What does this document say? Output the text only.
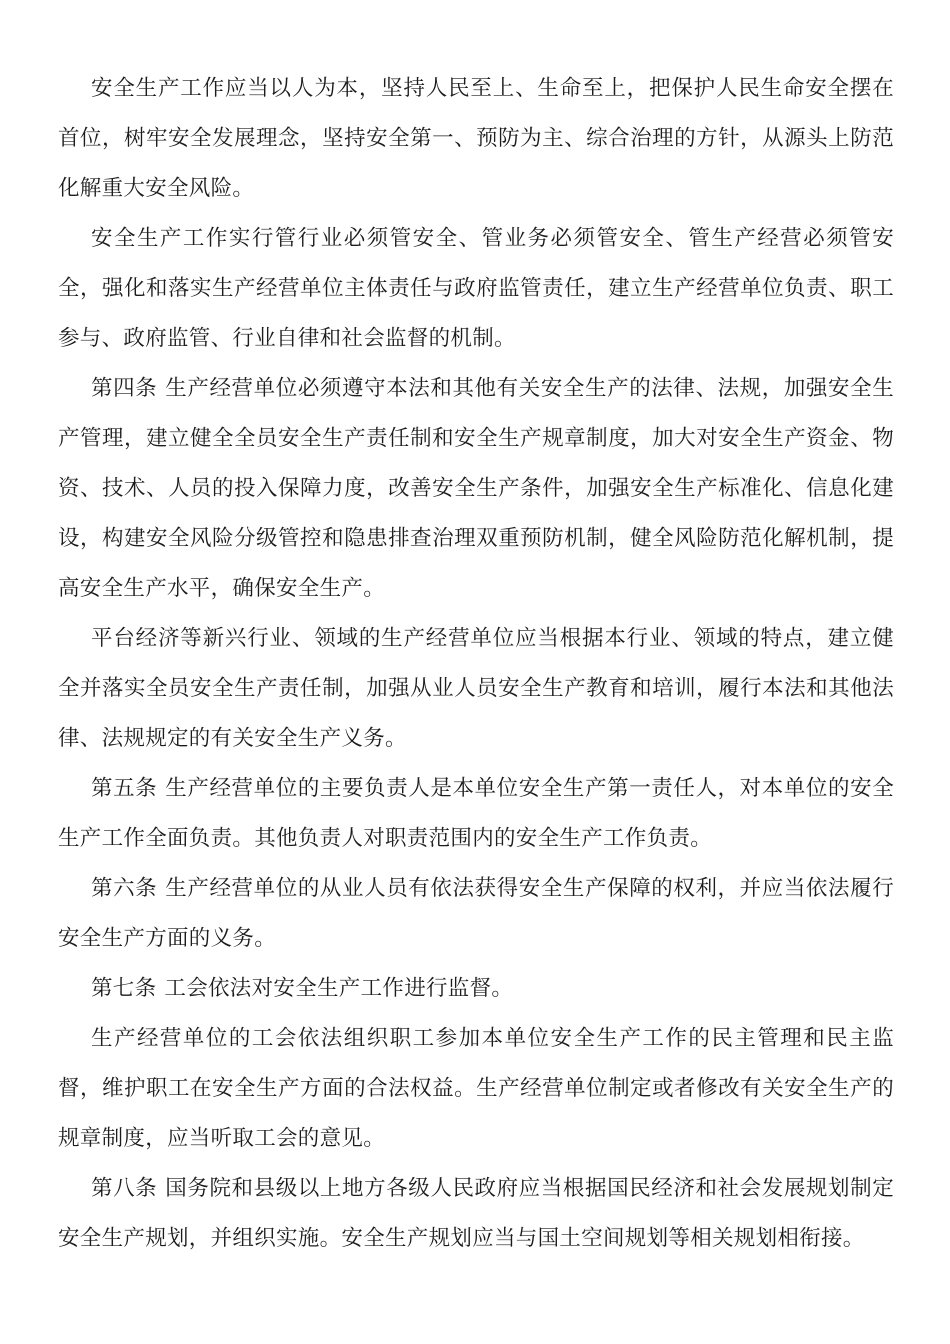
安全生产工作应当以人为本，坚持人民至上、生命至上，把保护人民生命安全摆在首位，树牢安全发展理念，坚持安全第一、预防为主、综合治理的方针，从源头上防范化解重大安全风险。

安全生产工作实行管行业必须管安全、管业务必须管安全、管生产经营必须管安全，强化和落实生产经营单位主体责任与政府监管责任，建立生产经营单位负责、职工参与、政府监管、行业自律和社会监督的机制。

第四条 生产经营单位必须遵守本法和其他有关安全生产的法律、法规，加强安全生产管理，建立健全全员安全生产责任制和安全生产规章制度，加大对安全生产资金、物资、技术、人员的投入保障力度，改善安全生产条件，加强安全生产标准化、信息化建设，构建安全风险分级管控和隐患排查治理双重预防机制，健全风险防范化解机制，提高安全生产水平，确保安全生产。

平台经济等新兴行业、领域的生产经营单位应当根据本行业、领域的特点，建立健全并落实全员安全生产责任制，加强从业人员安全生产教育和培训，履行本法和其他法律、法规规定的有关安全生产义务。

第五条 生产经营单位的主要负责人是本单位安全生产第一责任人，对本单位的安全生产工作全面负责。其他负责人对职责范围内的安全生产工作负责。

第六条 生产经营单位的从业人员有依法获得安全生产保障的权利，并应当依法履行安全生产方面的义务。

第七条 工会依法对安全生产工作进行监督。

生产经营单位的工会依法组织职工参加本单位安全生产工作的民主管理和民主监督，维护职工在安全生产方面的合法权益。生产经营单位制定或者修改有关安全生产的规章制度，应当听取工会的意见。

第八条 国务院和县级以上地方各级人民政府应当根据国民经济和社会发展规划制定安全生产规划，并组织实施。安全生产规划应当与国土空间规划等相关规划相衔接。
